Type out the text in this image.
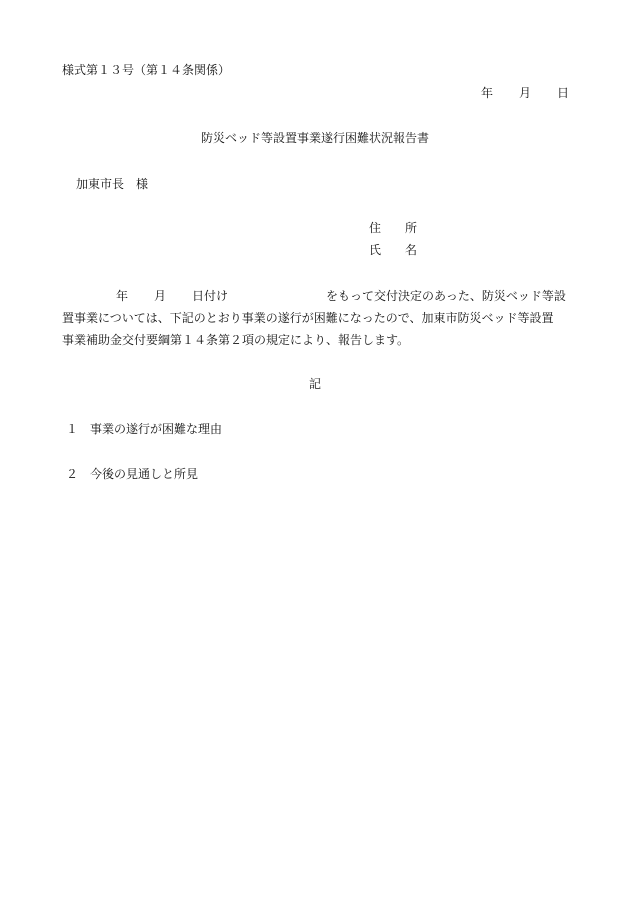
様式第１３号（第１４条関係）
年 月 日
防災ベッド等設置事業遂行困難状況報告書
加東市長　様
住 所
氏 名
年 月 日付け	をもって交付決定のあった、防災ベッド等設
置事業については、下記のとおり事業の遂行が困難になったので、加東市防災ベッド等設置
事業補助金交付要綱第１４条第２項の規定により、報告します。
記
１ 事業の遂行が困難な理由
２ 今後の見通しと所見
